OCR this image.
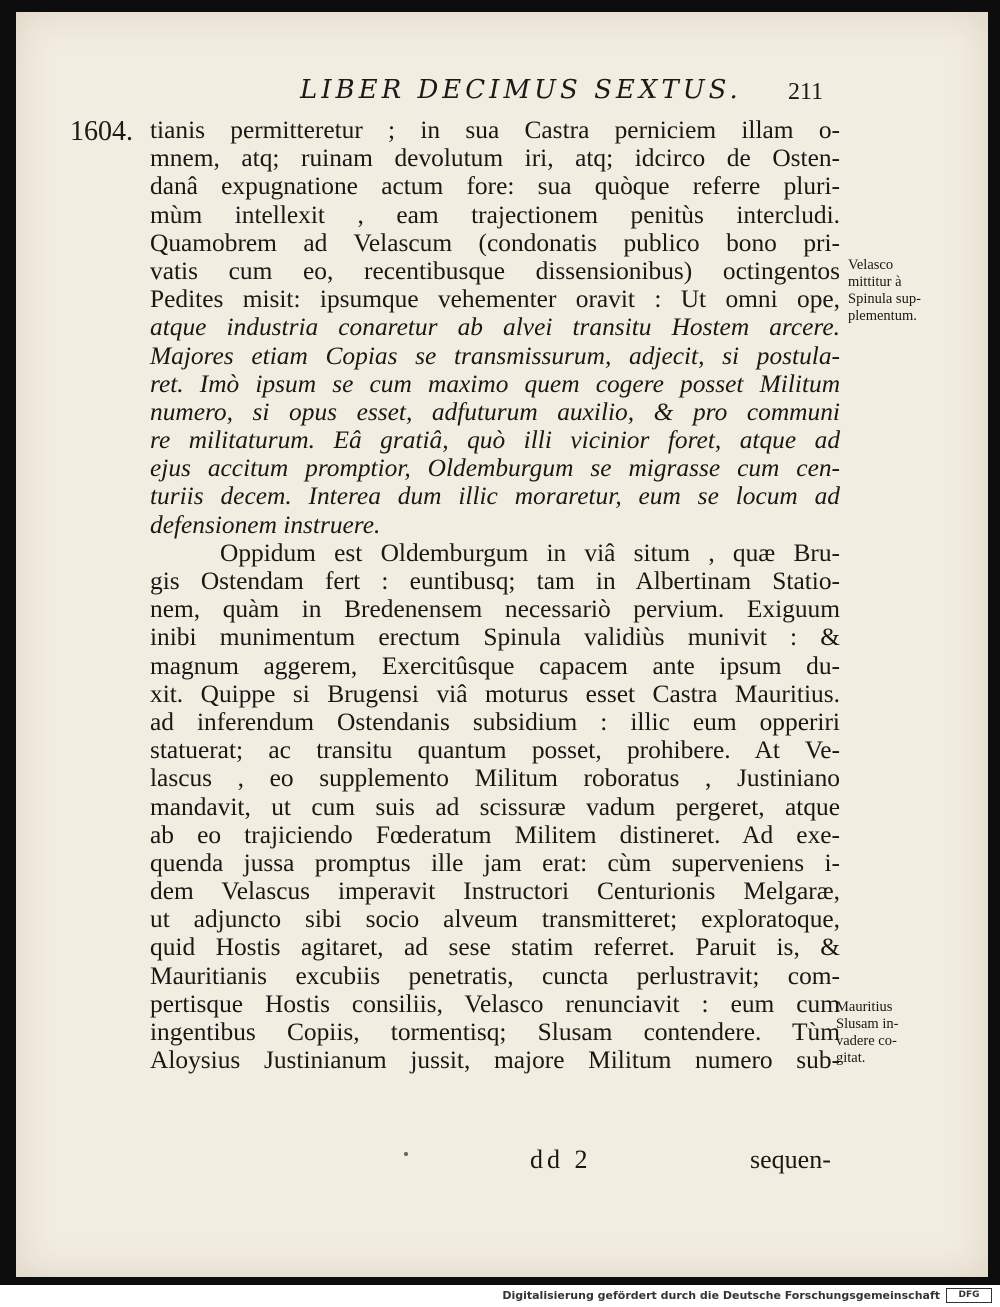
LIBER DECIMUS SEXTUS. 211
1604. tianis permitteretur ; in sua Castra perniciem illam o-
mnem, atq; ruinam devolutum iri, atq; idcirco de Osten-
danâ expugnatione actum fore: sua quòque referre pluri-
mùm intellexit , eam trajectionem penitùs intercludi.
Quamobrem ad Velascum (condonatis publico bono pri-
vatis cum eo, recentibusque dissensionibus) octingentos
Pedites misit: ipsumque vehementer oravit : Ut omni ope,
atque industria conaretur ab alvei transitu Hostem arcere.
Majores etiam Copias se transmissurum, adjecit, si postula-
ret. Imò ipsum se cum maximo quem cogere posset Militum
numero, si opus esset, adfuturum auxilio, & pro communi
re militaturum. Eâ gratiâ, quò illi vicinior foret, atque ad
ejus accitum promptior, Oldemburgum se migrasse cum cen-
turiis decem. Interea dum illic moraretur, eum se locum ad
defensionem instruere.
Oppidum est Oldemburgum in viâ situm , quæ Bru-
gis Ostendam fert : euntibusq; tam in Albertinam Statio-
nem, quàm in Bredenensem necessariò pervium. Exiguum
inibi munimentum erectum Spinula validiùs munivit : &
magnum aggerem, Exercitûsque capacem ante ipsum du-
xit. Quippe si Brugensi viâ moturus esset Castra Mauritius.
ad inferendum Ostendanis subsidium : illic eum opperiri
statuerat; ac transitu quantum posset, prohibere. At Ve-
lascus , eo supplemento Militum roboratus , Justiniano
mandavit, ut cum suis ad scissuræ vadum pergeret, atque
ab eo trajiciendo Fœderatum Militem distineret. Ad exe-
quenda jussa promptus ille jam erat: cùm superveniens i-
dem Velascus imperavit Instructori Centurionis Melgaræ,
ut adjuncto sibi socio alveum transmitteret; exploratoque,
quid Hostis agitaret, ad sese statim referret. Paruit is, &
Mauritianis excubiis penetratis, cuncta perlustravit; com-
pertisque Hostis consiliis, Velasco renunciavit : eum cum
ingentibus Copiis, tormentisq; Slusam contendere. Tùm
Aloysius Justinianum jussit, majore Militum numero sub-
Velasco
mittitur à
Spinula sup-
plementum.
Mauritius
Slusam in-
vadere co-
gitat.
dd 2	sequen-
Digitalisierung gefördert durch die Deutsche Forschungsgemeinschaft	DFG
